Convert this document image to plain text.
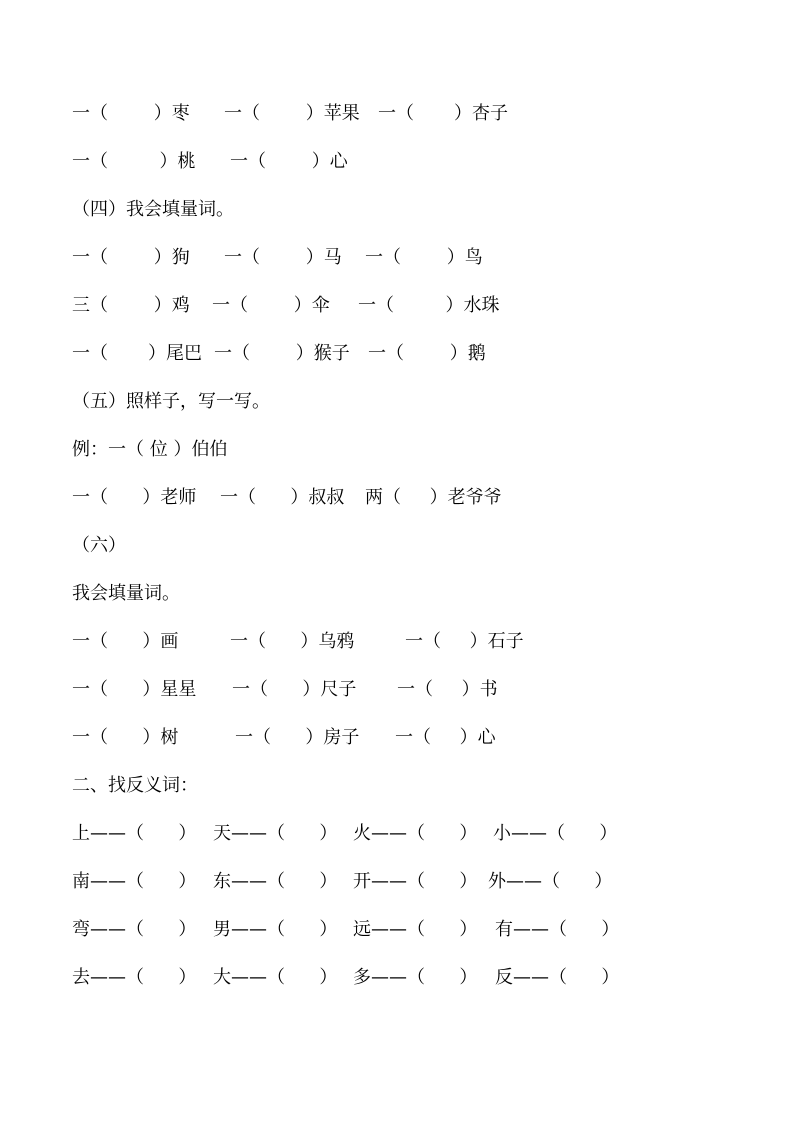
一（        ）枣 一（        ）苹果 一（       ）杏子
一（         ）桃 一（        ）心
（四）我会填量词。
一（        ）狗 一（        ）马 一（        ）鸟
三（        ）鸡 一（        ）伞 一（         ）水珠
一（       ）尾巴 一（        ）猴子 一（        ）鹅
（五）照样子，写一写。
例：一（ 位 ）伯伯
一（      ）老师 一（      ）叔叔 两（     ）老爷爷
（六）
我会填量词。
一（      ）画	一（      ）乌鸦	一（     ）石子
一（      ）星星 一（      ）尺子 一（     ）书
一（      ）树	一（      ）房子 一（     ）心
二、找反义词：
上——（      ） 天——（      ） 火——（      ） 小——（      ）
南——（      ） 东——（      ） 开——（      ） 外——（      ）
弯——（      ） 男——（      ） 远——（      ） 有——（      ）
去——（      ） 大——（      ） 多——（      ） 反——（      ）
